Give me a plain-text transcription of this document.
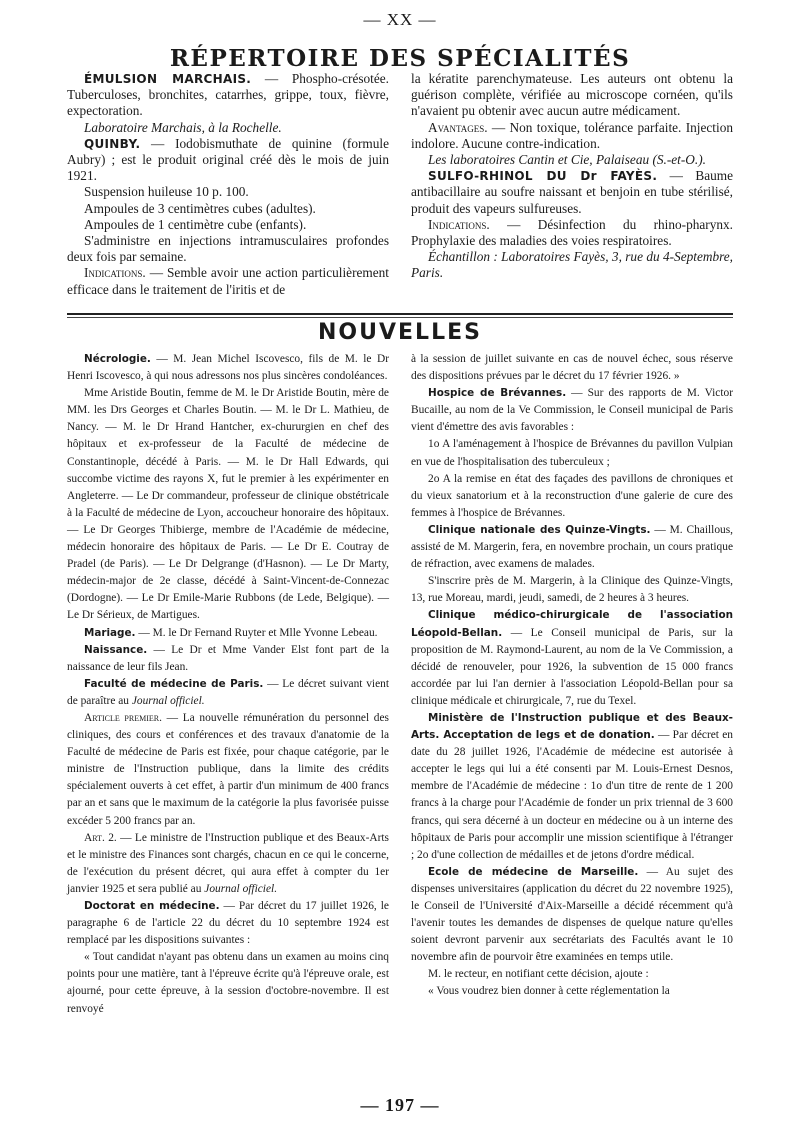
— XX —
RÉPERTOIRE DES SPÉCIALITÉS

ÉMULSION MARCHAIS. — Phospho-crésotée. Tuberculoses, bronchites, catarrhes, grippe, toux, fièvre, expectoration.

Laboratoire Marchais, à la Rochelle.

QUINBY. — Iodobismuthate de quinine (formule Aubry) ; est le produit original créé dès le mois de juin 1921.

Suspension huileuse 10 p. 100.

Ampoules de 3 centimètres cubes (adultes).

Ampoules de 1 centimètre cube (enfants).

S'administre en injections intramusculaires profondes deux fois par semaine.

Indications. — Semble avoir une action particulièrement efficace dans le traitement de l'iritis et de

la kératite parenchymateuse. Les auteurs ont obtenu la guérison complète, vérifiée au microscope cornéen, qu'ils n'avaient pu obtenir avec aucun autre médicament.

Avantages. — Non toxique, tolérance parfaite. Injection indolore. Aucune contre-indication.

Les laboratoires Cantin et Cie, Palaiseau (S.-et-O.).

SULFO-RHINOL DU Dr FAYÈS. — Baume antibacillaire au soufre naissant et benjoin en tube stérilisé, produit des vapeurs sulfureuses.

Indications. — Désinfection du rhino-pharynx. Prophylaxie des maladies des voies respiratoires.

Échantillon : Laboratoires Fayès, 3, rue du 4-Septembre, Paris.

NOUVELLES

Nécrologie. — M. Jean Michel Iscovesco, fils de M. le Dr Henri Iscovesco, à qui nous adressons nos plus sincères condoléances.

Mme Aristide Boutin, femme de M. le Dr Aristide Boutin, mère de MM. les Drs Georges et Charles Boutin. — M. le Dr L. Mathieu, de Nancy. — M. le Dr Hrand Hantcher, ex-chururgien en chef des hôpitaux et ex-professeur de la Faculté de médecine de Constantinople, décédé à Paris. — M. le Dr Hall Edwards, qui succombe victime des rayons X, fut le premier à les expérimenter en Angleterre. — Le Dr commandeur, professeur de clinique obstétricale à la Faculté de médecine de Lyon, accoucheur honoraire des hôpitaux. — Le Dr Georges Thibierge, membre de l'Académie de médecine, médecin honoraire des hôpitaux de Paris. — Le Dr E. Coutray de Pradel (de Paris). — Le Dr Delgrange (d'Hasnon). — Le Dr Marty, médecin-major de 2e classe, décédé à Saint-Vincent-de-Connezac (Dordogne). — Le Dr Emile-Marie Rubbons (de Lede, Belgique). — Le Dr Sérieux, de Martigues.

Mariage. — M. le Dr Fernand Ruyter et Mlle Yvonne Lebeau.

Naissance. — Le Dr et Mme Vander Elst font part de la naissance de leur fils Jean.

Faculté de médecine de Paris. — Le décret suivant vient de paraître au Journal officiel.

Article premier. — La nouvelle rémunération du personnel des cliniques, des cours et conférences et des travaux d'anatomie de la Faculté de médecine de Paris est fixée, pour chaque catégorie, par le ministre de l'Instruction publique, dans la limite des crédits spécialement ouverts à cet effet, à partir d'un minimum de 400 francs par an et sans que le maximum de la catégorie la plus favorisée puisse excéder 5 200 francs par an.

Art. 2. — Le ministre de l'Instruction publique et des Beaux-Arts et le ministre des Finances sont chargés, chacun en ce qui le concerne, de l'exécution du présent décret, qui aura effet à compter du 1er janvier 1925 et sera publié au Journal officiel.

Doctorat en médecine. — Par décret du 17 juillet 1926, le paragraphe 6 de l'article 22 du décret du 10 septembre 1924 est remplacé par les dispositions suivantes :

« Tout candidat n'ayant pas obtenu dans un examen au moins cinq points pour une matière, tant à l'épreuve écrite qu'à l'épreuve orale, est ajourné, pour cette épreuve, à la session d'octobre-novembre. Il est renvoyé

à la session de juillet suivante en cas de nouvel échec, sous réserve des dispositions prévues par le décret du 17 février 1926. »

Hospice de Brévannes. — Sur des rapports de M. Victor Bucaille, au nom de la Ve Commission, le Conseil municipal de Paris vient d'émettre des avis favorables :

1o A l'aménagement à l'hospice de Brévannes du pavillon Vulpian en vue de l'hospitalisation des tuberculeux ;

2o A la remise en état des façades des pavillons de chroniques et du vieux sanatorium et à la reconstruction d'une galerie de cure des femmes à l'hospice de Brévannes.

Clinique nationale des Quinze-Vingts. — M. Chaillous, assisté de M. Margerin, fera, en novembre prochain, un cours pratique de réfraction, avec examens de malades.

S'inscrire près de M. Margerin, à la Clinique des Quinze-Vingts, 13, rue Moreau, mardi, jeudi, samedi, de 2 heures à 3 heures.

Clinique médico-chirurgicale de l'association Léopold-Bellan. — Le Conseil municipal de Paris, sur la proposition de M. Raymond-Laurent, au nom de la Ve Commission, a décidé de renouveler, pour 1926, la subvention de 15 000 francs accordée par lui l'an dernier à l'association Léopold-Bellan pour sa clinique médicale et chirurgicale, 7, rue du Texel.

Ministère de l'Instruction publique et des Beaux-Arts. Acceptation de legs et de donation. — Par décret en date du 28 juillet 1926, l'Académie de médecine est autorisée à accepter le legs qui lui a été consenti par M. Louis-Ernest Desnos, membre de l'Académie de médecine : 1o d'un titre de rente de 1 200 francs à la charge pour l'Académie de fonder un prix triennal de 3 600 francs, qui sera décerné à un docteur en médecine ou à un interne des hôpitaux de Paris pour accomplir une mission scientifique à l'étranger ; 2o d'une collection de médailles et de jetons d'ordre médical.

Ecole de médecine de Marseille. — Au sujet des dispenses universitaires (application du décret du 22 novembre 1925), le Conseil de l'Université d'Aix-Marseille a décidé récemment qu'à l'avenir toutes les demandes de dispenses de quelque nature qu'elles soient devront parvenir aux secrétariats des Facultés avant le 10 novembre afin de pourvoir être examinées en temps utile.

M. le recteur, en notifiant cette décision, ajoute :

« Vous voudrez bien donner à cette réglementation la

— 197 —
